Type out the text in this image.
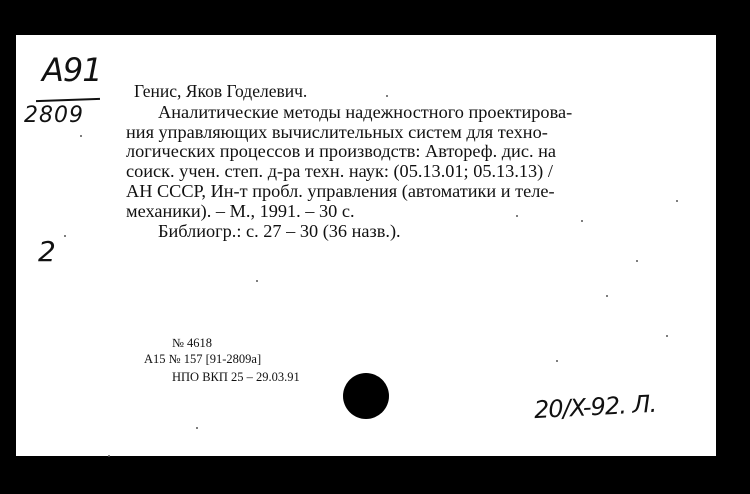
А91
2809
2
Генис, Яков Годелевич.
Аналитические методы надежностного проектирова-
ния управляющих вычислительных систем для техно-
логических процессов и производств: Автореф. дис. на
соиск. учен. степ. д-ра техн. наук: (05.13.01; 05.13.13) /
АН СССР, Ин-т пробл. управления (автоматики и теле-
механики). – М., 1991. – 30 с.
Библиогр.: с. 27 – 30 (36 назв.).
№ 4618
А15 № 157 [91-2809а]
НПО ВКП 25 – 29.03.91
20/X-92. Л.
